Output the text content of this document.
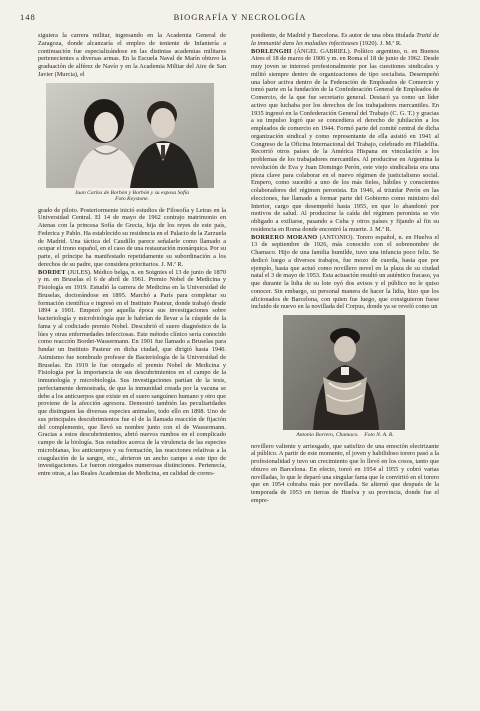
148	BIOGRAFÍA Y NECROLOGÍA

siguiera la carrera militar, ingresando en la Academia General de Zaragoza, donde alcanzaría el empleo de teniente de Infantería a continuación fue especializándose en las distintas academias militares pertenecientes a diversas armas. En la Escuela Naval de Marín obtuvo la graduación de alférez de Navío y en la Academia Militar del Aire de San Javier (Murcia), el

Juan Carlos de Borbón y Borbón y su esposa Sofía
Foto Keystone.

grado de piloto. Posteriormente inició estudios de Filosofía y Letras en la Universidad Central. El 14 de mayo de 1962 contrajo matrimonio en Atenas con la princesa Sofía de Grecia, hija de los reyes de este país, Federica y Pablo. Ha establecido su residencia en el Palacio de la Zarzuela de Madrid. Una táctica del Caudillo parece señalarle como llamado a ocupar el trono español, en el caso de una restauración monárquica. Por su parte, el príncipe ha manifestado repetidamente su subordinación a los derechos de su padre, que considera prioritarios. J. M.ª R.

BORDET (JULES). Médico belga, n. en Soignies el 13 de junio de 1870 y m. en Bruselas el 6 de abril de 1961. Premio Nobel de Medicina y Fisiología en 1919. Estudió la carrera de Medicina en la Universidad de Bruselas, doctorándose en 1895. Marchó a París para completar su formación científica e ingresó en el Instituto Pasteur, donde trabajó desde 1894 a 1901. Empezó por aquella época sus investigaciones sobre bacteriología y microbiología que le habrían de llevar a la cúspide de la fama y al codiciado premio Nobel. Descubrió el suero diagnóstico de la lúes y otras enfermedades infecciosas. Este método clínico sería conocido como reacción Bordet-Wassermann. En 1901 fue llamado a Bruselas para fundar un Instituto Pasteur en dicha ciudad, que dirigió hasta 1940. Asimismo fue nombrado profesor de Bacteriología de la Universidad de Bruselas. En 1919 le fue otorgado el premio Nobel de Medicina y Fisiología por la importancia de sus descubrimientos en el campo de la inmunología y microbiología. Sus investigaciones partían de la tesis, perfectamente demostrada, de que la inmunidad creada por la vacuna se debe a los anticuerpos que existe en el suero sanguíneo humano y otro que proviene de la afección agresora. Demostró también las peculiaridades que distinguen las diversas especies animales, todo ello en 1898. Uno de sus principales descubrimientos fue el de la llamada reacción de fijación del complemento, que llevó su nombre junto con el de Wassermann. Gracias a estos descubrimientos, abrió nuevos rumbos en el complicado campo de la biología. Sus estudios acerca de la virulencia de las especies microbianas, los anticuerpos y su formación, las reacciones relativas a la coagulación de la sangre, etc., abrieron un ancho campo a este tipo de investigaciones. Le fueron otorgados numerosas distinciones. Pertenecía, entre otras, a las Reales Academias de Medicina, en calidad de corres-

pondiente, de Madrid y Barcelona. Es autor de una obra titulada Traité de la immunité dans les maladies infectieuses (1920). J. M.ª R.

BORLENGHI (ÁNGEL GABRIEL). Político argentino, n. en Buenos Aires el 18 de marzo de 1906 y m. en Roma el 18 de junio de 1962. Desde muy joven se interesó profesionalmente por las cuestiones sindicales y militó siempre dentro de organizaciones de tipo socialista. Desempeñó una labor activa dentro de la Federación de Empleados de Comercio y tomó parte en la fundación de la Confederación General de Empleados de Comercio, de la que fue secretario general. Destacó ya como un líder activo que luchaba por los derechos de los trabajadores mercantiles. En 1935 ingresó en la Confederación General del Trabajo (C. G. T.) y gracias a su impulso logró que se concediera el derecho de jubilación a los empleados de comercio en 1944. Formó parte del comité central de dicha organización sindical y como representante de ella asistió en 1941 al Congreso de la Oficina Internacional del Trabajo, celebrado en Filadelfia. Recorrió otros países de la América Hispana en vinculación a los problemas de los trabajadores mercantiles. Al producirse en Argentina la revolución de Eva y Juan Domingo Perón, este viejo sindicalista era una pieza clave para colaborar en el nuevo régimen de justicialismo social. Empero, como sucedió a uno de los más fieles, hábiles y conscientes colaboradores del régimen peronista. En 1946, al triunfar Perón en las elecciones, fue llamado a formar parte del Gobierno como ministro del Interior, cargo que desempeñó hasta 1955, en que lo abandonó por motivos de salud. Al producirse la caída del régimen peronista se vio obligado a exiliarse, pasando a Cuba y otros países y fijando al fin su residencia en Roma donde encontró la muerte. J. M.ª R.

BORRERO MORANO (ANTONIO). Torero español, n. en Huelva el 13 de septiembre de 1926, más conocido con el sobrenombre de Chamaco. Hijo de una familia humilde, tuvo una infancia poco feliz. Se dedicó luego a diversos trabajos, fue mozo de cuerda, hasta que por ejemplo, hasta que actuó como novillero novel en la plaza de su ciudad natal el 3 de mayo de 1953. Esta actuación resultó un auténtico fracaso, ya que durante la lidia de su lote oyó dos avisos y el público no le quiso conocer. Sin embargo, su personal manera de hacer la lidia, hizo que los aficionados de Barcelona, con quien fue luego, que consiguieron fuese incluido de nuevo en la novillada del Corpus, donde ya se reveló como un

Antonio Borrero, Chamaco. Foto N. A. R.

novillero valiente y arriesgado, que satisfizo de una emoción electrizante al público. A partir de este momento, el joven y habilidoso torero pasó a la profesionalidad y tuvo un crecimiento que lo llevó en los cosos, tanto que obtuvo en Barcelona. En efecto, toreó en 1954 al 1955 y cobró varias novilladas, lo que le deparó una singular fama que le convirtió en el torero que en 1954 cobraba más por novillada. Se alternó que después de la temporada de 1953 en tierras de Huelva y su provincia, donde fue el empre-
